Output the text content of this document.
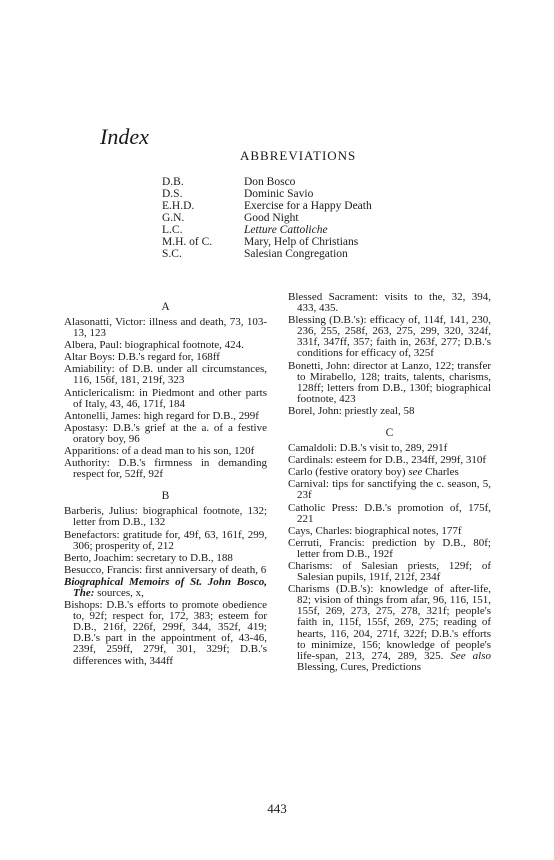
Index
ABBREVIATIONS
D.B.	Don Bosco
D.S.	Dominic Savio
E.H.D.	Exercise for a Happy Death
G.N.	Good Night
L.C.	Letture Cattoliche
M.H. of C.	Mary, Help of Christians
S.C.	Salesian Congregation
A

Alasonatti, Victor: illness and death, 73, 103-13, 123

Albera, Paul: biographical footnote, 424.

Altar Boys: D.B.'s regard for, 168ff

Amiability: of D.B. under all circumstances, 116, 156f, 181, 219f, 323

Anticlericalism: in Piedmont and other parts of Italy, 43, 46, 171f, 184

Antonelli, James: high regard for D.B., 299f

Apostasy: D.B.'s grief at the a. of a festive oratory boy, 96

Apparitions: of a dead man to his son, 120f

Authority: D.B.'s firmness in demanding respect for, 52ff, 92f

B

Barberis, Julius: biographical footnote, 132; letter from D.B., 132

Benefactors: gratitude for, 49f, 63, 161f, 299, 306; prosperity of, 212

Berto, Joachim: secretary to D.B., 188

Besucco, Francis: first anniversary of death, 6

Biographical Memoirs of St. John Bosco, The: sources, x,

Bishops: D.B.'s efforts to promote obedience to, 92f; respect for, 172, 383; esteem for D.B., 216f, 226f, 299f, 344, 352f, 419; D.B.'s part in the appointment of, 43-46, 239f, 259ff, 279f, 301, 329f; D.B.'s differences with, 344ff

Blessed Sacrament: visits to the, 32, 394, 433, 435.

Blessing (D.B.'s): efficacy of, 114f, 141, 230, 236, 255, 258f, 263, 275, 299, 320, 324f, 331f, 347ff, 357; faith in, 263f, 277; D.B.'s conditions for efficacy of, 325f

Bonetti, John: director at Lanzo, 122; transfer to Mirabello, 128; traits, talents, charisms, 128ff; letters from D.B., 130f; biographical footnote, 423

Borel, John: priestly zeal, 58

C

Camaldoli: D.B.'s visit to, 289, 291f

Cardinals: esteem for D.B., 234ff, 299f, 310f

Carlo (festive oratory boy) see Charles

Carnival: tips for sanctifying the c. season, 5, 23f

Catholic Press: D.B.'s promotion of, 175f, 221

Cays, Charles: biographical notes, 177f

Cerruti, Francis: prediction by D.B., 80f; letter from D.B., 192f

Charisms: of Salesian priests, 129f; of Salesian pupils, 191f, 212f, 234f

Charisms (D.B.'s): knowledge of after-life, 82; vision of things from afar, 96, 116, 151, 155f, 269, 273, 275, 278, 321f; people's faith in, 115f, 155f, 269, 275; reading of hearts, 116, 204, 271f, 322f; D.B.'s efforts to minimize, 156; knowledge of people's life-span, 213, 274, 289, 325. See also Blessing, Cures, Predictions

443
